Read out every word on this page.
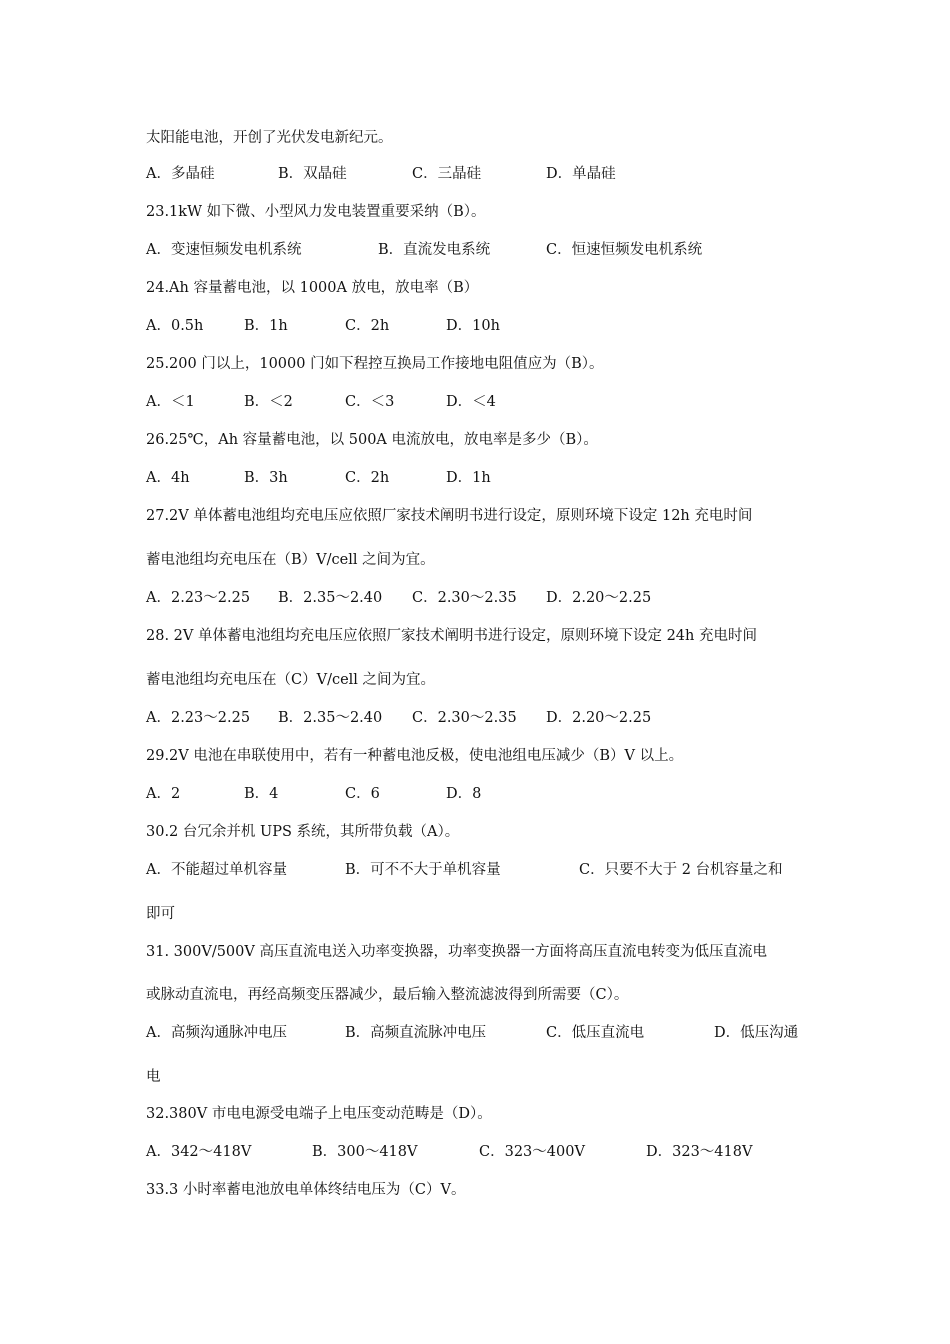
太阳能电池，开创了光伏发电新纪元。
A．多晶硅	B．双晶硅	C．三晶硅	D．单晶硅
23.1kW 如下微、小型风力发电装置重要采纳（B）。
A．变速恒频发电机系统	B．直流发电系统	C．恒速恒频发电机系统
24.Ah 容量蓄电池，以 1000A 放电，放电率（B）
A．0.5h	B．1h	C．2h	D．10h
25.200 门以上，10000 门如下程控互换局工作接地电阻值应为（B）。
A．＜1	B．＜2	C．＜3	D．＜4
26.25℃，Ah 容量蓄电池，以 500A 电流放电，放电率是多少（B）。
A．4h	B．3h	C．2h	D．1h
27.2V 单体蓄电池组均充电压应依照厂家技术阐明书进行设定，原则环境下设定 12h 充电时间
蓄电池组均充电压在（B）V/cell 之间为宜。
A．2.23～2.25 B．2.35～2.40 C．2.30～2.35 D．2.20～2.25
28. 2V 单体蓄电池组均充电压应依照厂家技术阐明书进行设定，原则环境下设定 24h 充电时间
蓄电池组均充电压在（C）V/cell 之间为宜。
A．2.23～2.25 B．2.35～2.40 C．2.30～2.35 D．2.20～2.25
29.2V 电池在串联使用中，若有一种蓄电池反极，使电池组电压减少（B）V 以上。
A．2	B．4	C．6	D．8
30.2 台冗余并机 UPS 系统，其所带负载（A）。
A．不能超过单机容量	B．可不不大于单机容量	C．只要不大于 2 台机容量之和
即可
31. 300V/500V 高压直流电送入功率变换器，功率变换器一方面将高压直流电转变为低压直流电
或脉动直流电，再经高频变压器减少，最后输入整流滤波得到所需要（C）。
A．高频沟通脉冲电压	B．高频直流脉冲电压	C．低压直流电	D．低压沟通
电
32.380V 市电电源受电端子上电压变动范畴是（D）。
A．342～418V	B．300～418V	C．323～400V	D．323～418V
33.3 小时率蓄电池放电单体终结电压为（C）V。
